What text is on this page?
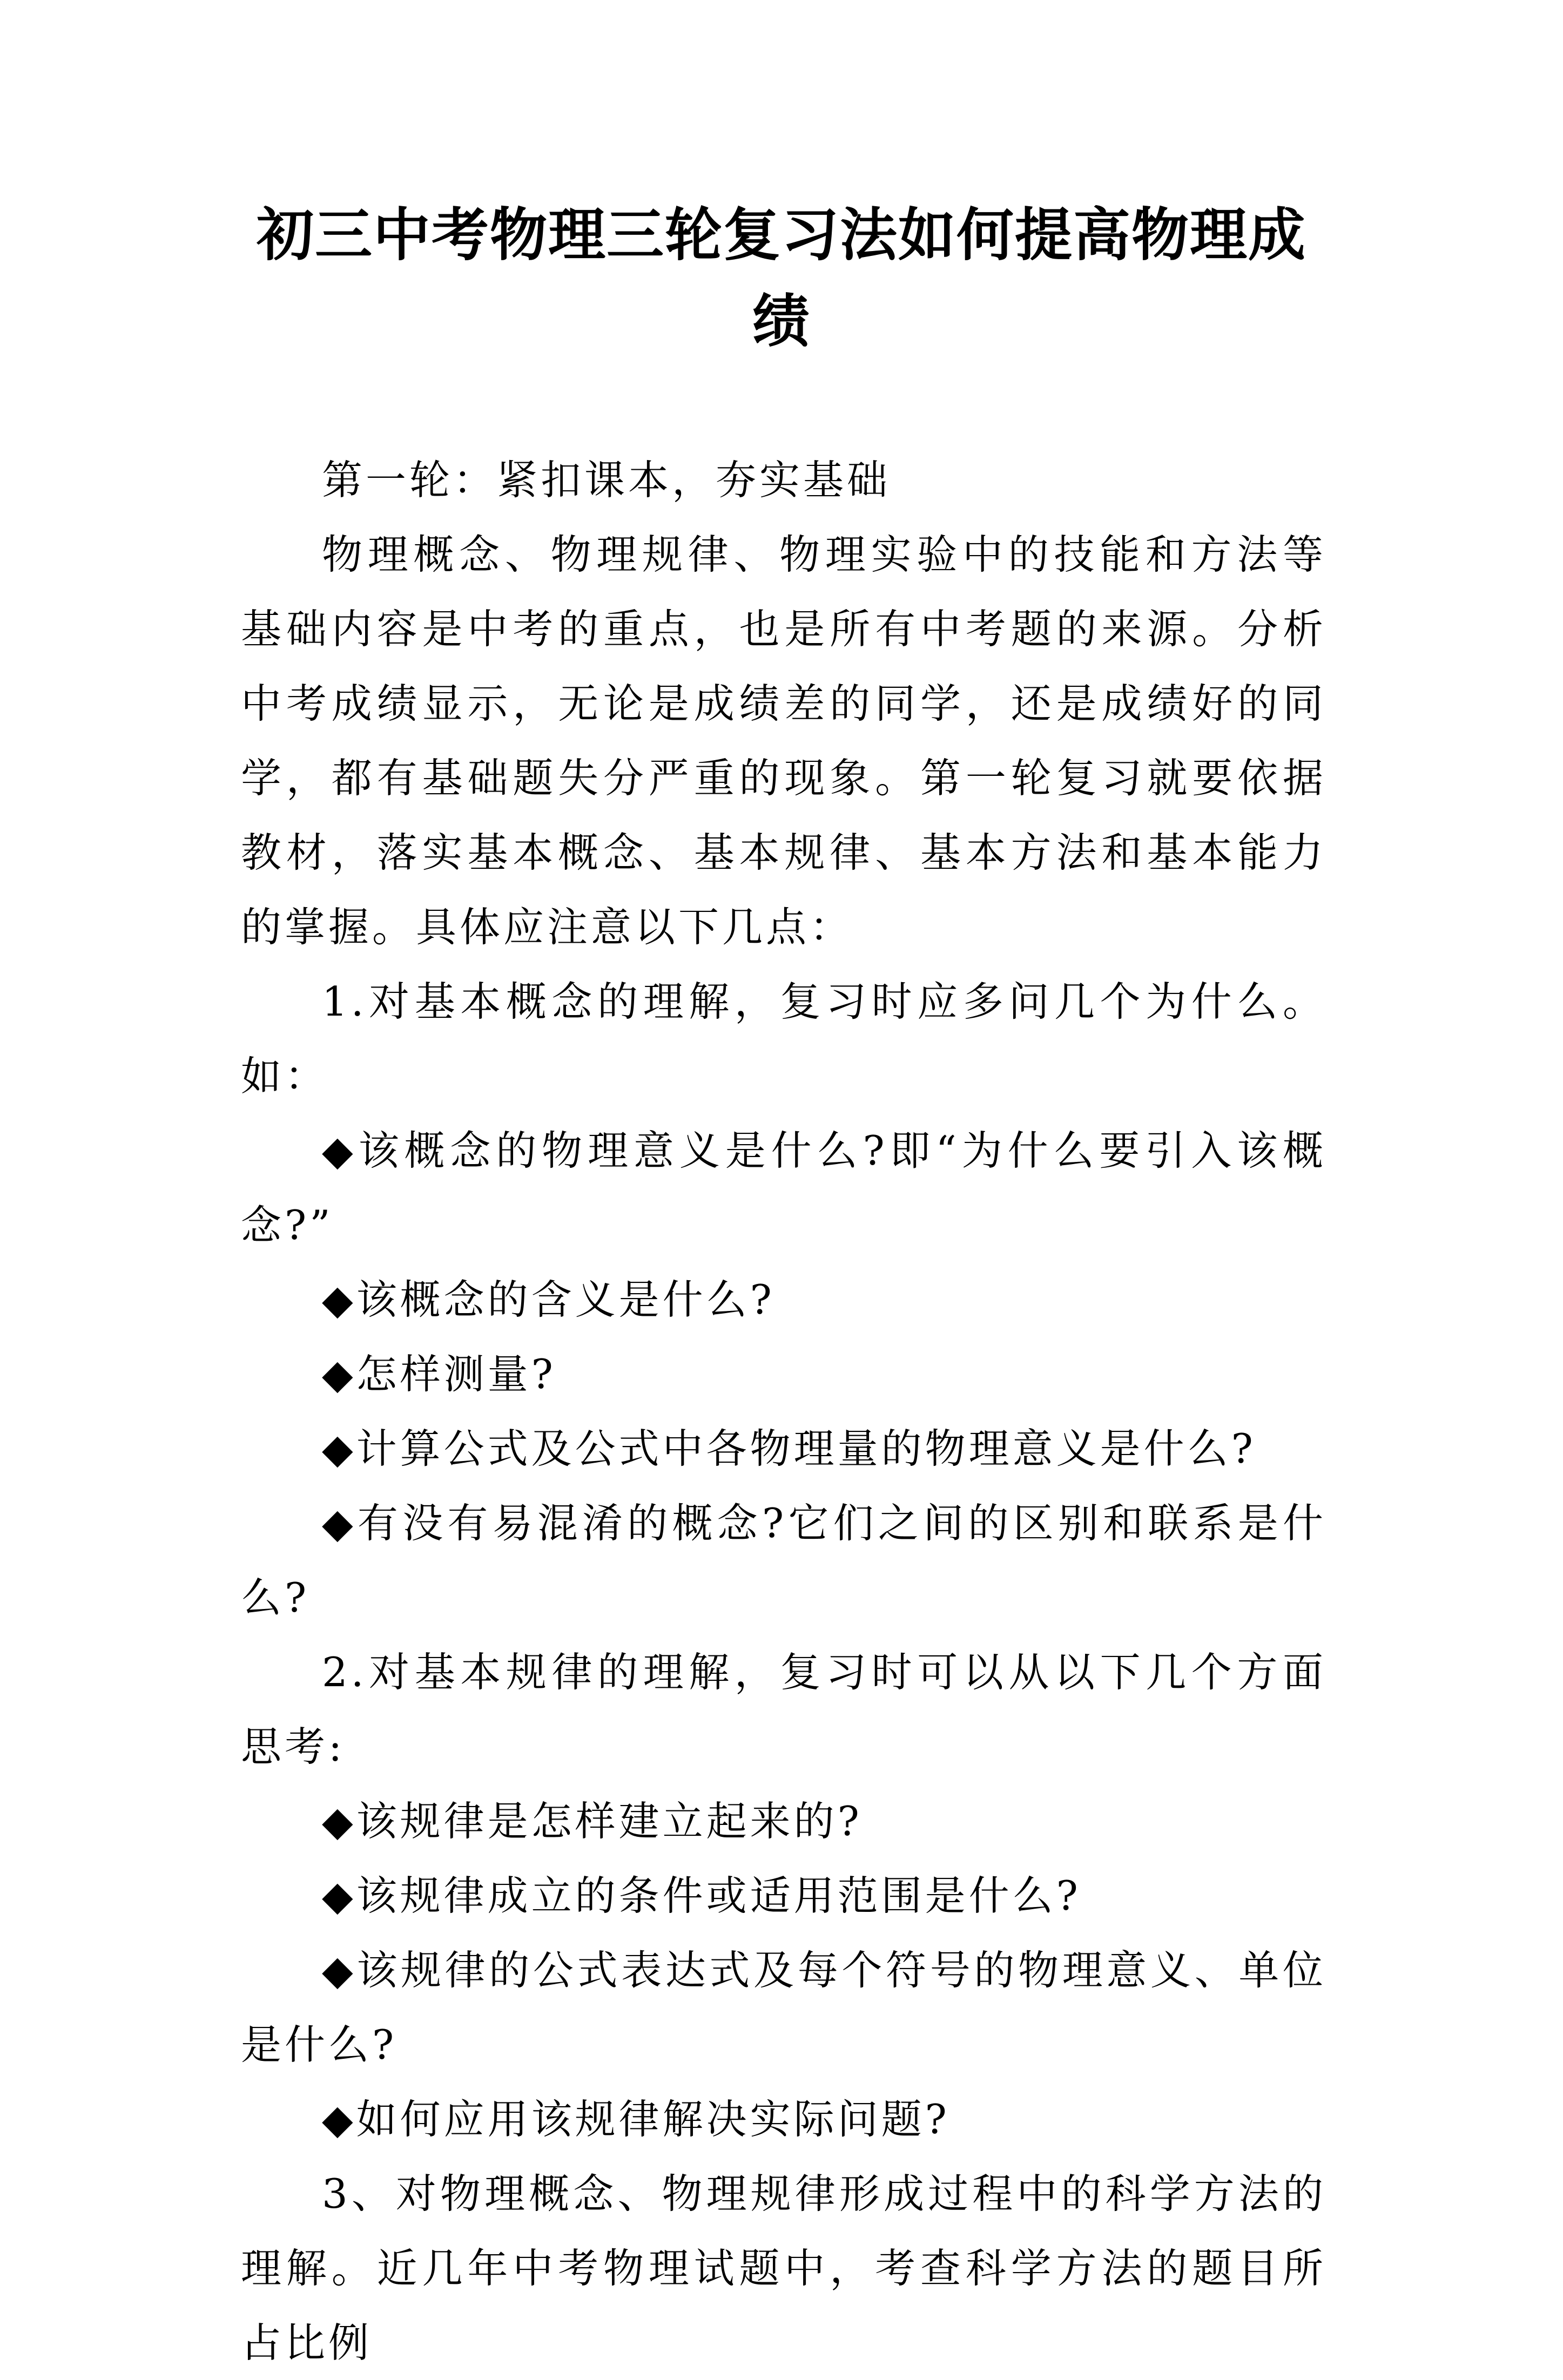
初三中考物理三轮复习法如何提高物理成
绩

第一轮：紧扣课本，夯实基础

物理概念、物理规律、物理实验中的技能和方法等基础内容是中考的重点，也是所有中考题的来源。分析中考成绩显示，无论是成绩差的同学，还是成绩好的同学，都有基础题失分严重的现象。第一轮复习就要依据教材，落实基本概念、基本规律、基本方法和基本能力的掌握。具体应注意以下几点：

1.对基本概念的理解，复习时应多问几个为什么。如：

◆该概念的物理意义是什么?即“为什么要引入该概念?”

◆该概念的含义是什么?

◆怎样测量?

◆计算公式及公式中各物理量的物理意义是什么?

◆有没有易混淆的概念?它们之间的区别和联系是什么?

2.对基本规律的理解，复习时可以从以下几个方面思考:

◆该规律是怎样建立起来的?

◆该规律成立的条件或适用范围是什么?

◆该规律的公式表达式及每个符号的物理意义、单位是什么?

◆如何应用该规律解决实际问题?

3、对物理概念、物理规律形成过程中的科学方法的理解。近几年中考物理试题中，考查科学方法的题目所占比例
